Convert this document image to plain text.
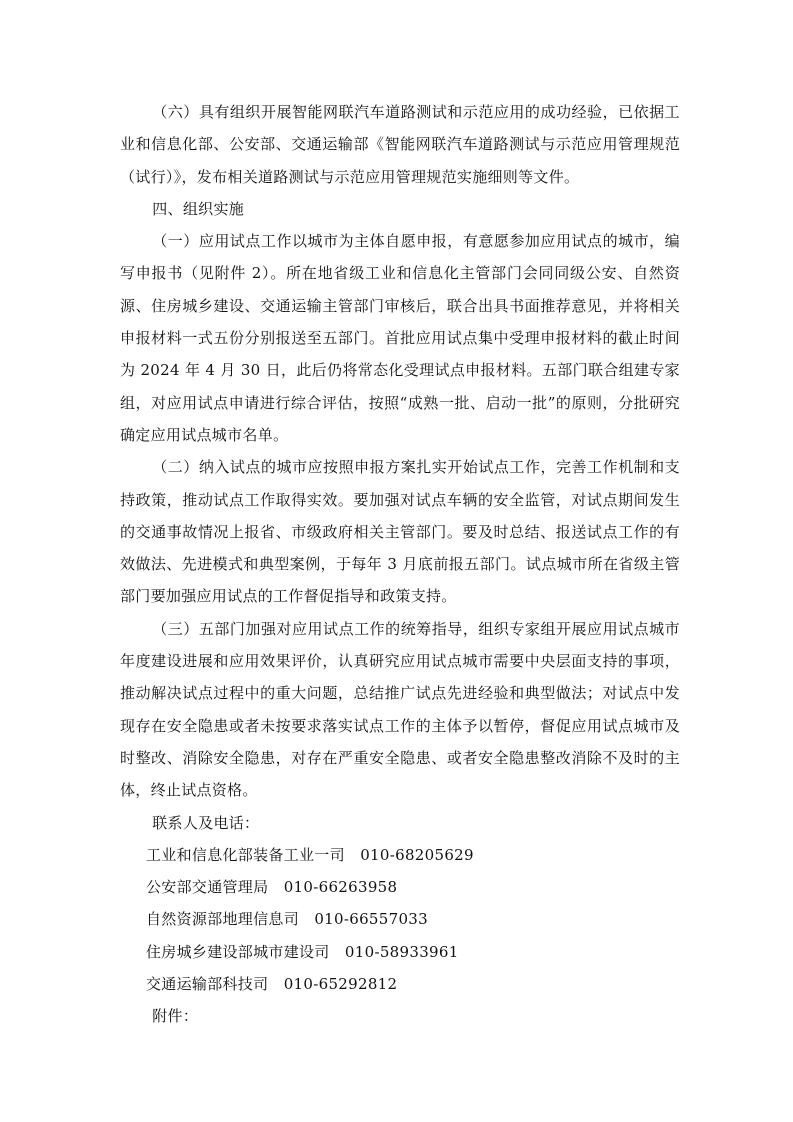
（六）具有组织开展智能网联汽车道路测试和示范应用的成功经验，已依据工业和信息化部、公安部、交通运输部《智能网联汽车道路测试与示范应用管理规范（试行）》，发布相关道路测试与示范应用管理规范实施细则等文件。

四、组织实施

（一）应用试点工作以城市为主体自愿申报，有意愿参加应用试点的城市，编写申报书（见附件 2）。所在地省级工业和信息化主管部门会同同级公安、自然资源、住房城乡建设、交通运输主管部门审核后，联合出具书面推荐意见，并将相关申报材料一式五份分别报送至五部门。首批应用试点集中受理申报材料的截止时间为 2024 年 4 月 30 日，此后仍将常态化受理试点申报材料。五部门联合组建专家组，对应用试点申请进行综合评估，按照“成熟一批、启动一批”的原则，分批研究确定应用试点城市名单。

（二）纳入试点的城市应按照申报方案扎实开始试点工作，完善工作机制和支持政策，推动试点工作取得实效。要加强对试点车辆的安全监管，对试点期间发生的交通事故情况上报省、市级政府相关主管部门。要及时总结、报送试点工作的有效做法、先进模式和典型案例，于每年 3 月底前报五部门。试点城市所在省级主管部门要加强应用试点的工作督促指导和政策支持。

（三）五部门加强对应用试点工作的统筹指导，组织专家组开展应用试点城市年度建设进展和应用效果评价，认真研究应用试点城市需要中央层面支持的事项，推动解决试点过程中的重大问题，总结推广试点先进经验和典型做法；对试点中发现存在安全隐患或者未按要求落实试点工作的主体予以暂停，督促应用试点城市及时整改、消除安全隐患，对存在严重安全隐患、或者安全隐患整改消除不及时的主体，终止试点资格。

联系人及电话：

工业和信息化部装备工业一司　 010-68205629

公安部交通管理局　 010-66263958

自然资源部地理信息司　 010-66557033

住房城乡建设部城市建设司　 010-58933961

交通运输部科技司　 010-65292812

附件：
